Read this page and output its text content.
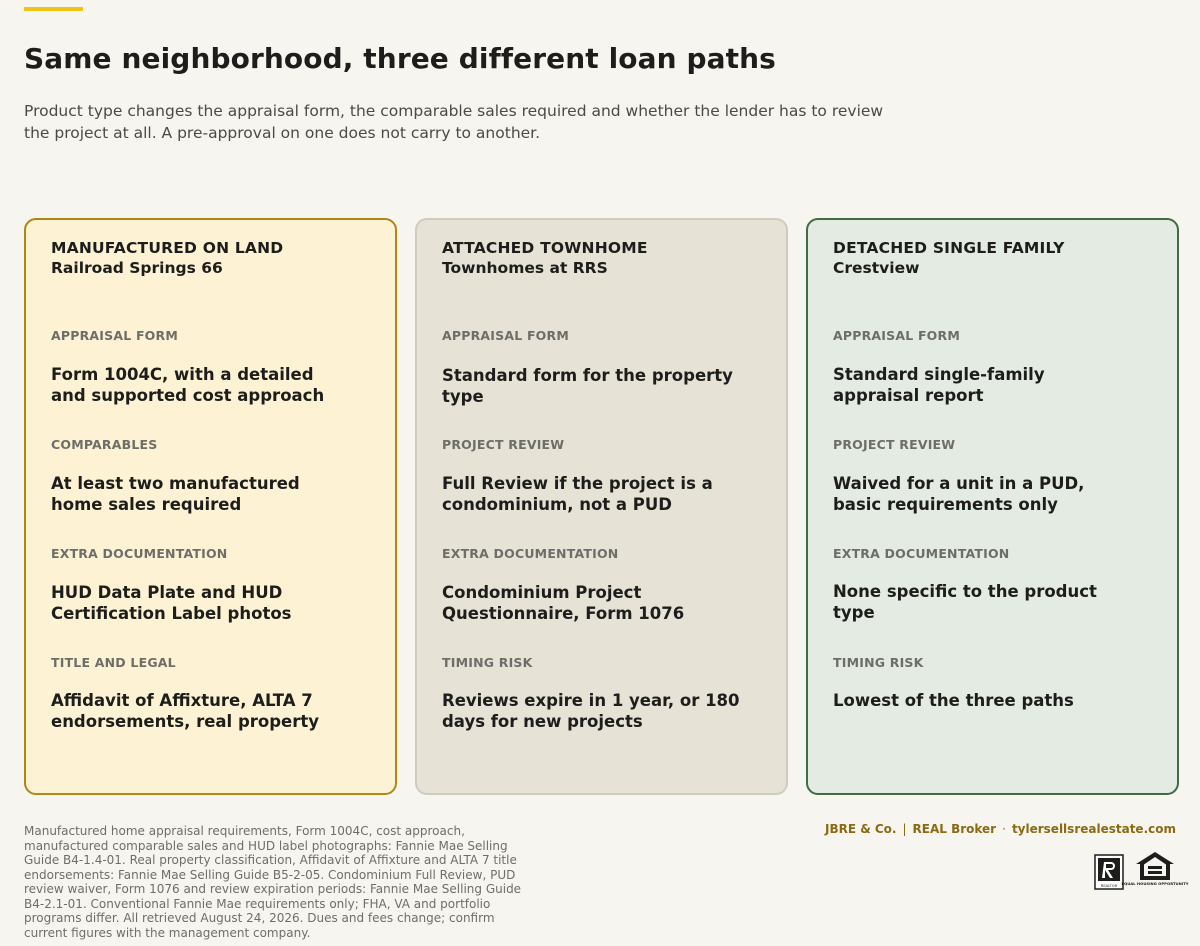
Same neighborhood, three different loan paths

Product type changes the appraisal form, the comparable sales required and whether the lender has to review the project at all. A pre-approval on one does not carry to another.

MANUFACTURED ON LAND
Railroad Springs 66
APPRAISAL FORM
Form 1004C, with a detailed and supported cost approach
COMPARABLES
At least two manufactured home sales required
EXTRA DOCUMENTATION
HUD Data Plate and HUD Certification Label photos
TITLE AND LEGAL
Affidavit of Affixture, ALTA 7 endorsements, real property
ATTACHED TOWNHOME
Townhomes at RRS
APPRAISAL FORM
Standard form for the property type
PROJECT REVIEW
Full Review if the project is a condominium, not a PUD
EXTRA DOCUMENTATION
Condominium Project Questionnaire, Form 1076
TIMING RISK
Reviews expire in 1 year, or 180 days for new projects
DETACHED SINGLE FAMILY
Crestview
APPRAISAL FORM
Standard single-family appraisal report
PROJECT REVIEW
Waived for a unit in a PUD, basic requirements only
EXTRA DOCUMENTATION
None specific to the product type
TIMING RISK
Lowest of the three paths

Manufactured home appraisal requirements, Form 1004C, cost approach, manufactured comparable sales and HUD label photographs: Fannie Mae Selling Guide B4-1.4-01. Real property classification, Affidavit of Affixture and ALTA 7 title endorsements: Fannie Mae Selling Guide B5-2-05. Condominium Full Review, PUD review waiver, Form 1076 and review expiration periods: Fannie Mae Selling Guide B4-2.1-01. Conventional Fannie Mae requirements only; FHA, VA and portfolio programs differ. All retrieved August 24, 2026. Dues and fees change; confirm current figures with the management company.

JBRE & Co. | REAL Broker · tylersellsrealestate.com
REALTOR EQUAL HOUSING OPPORTUNITY
